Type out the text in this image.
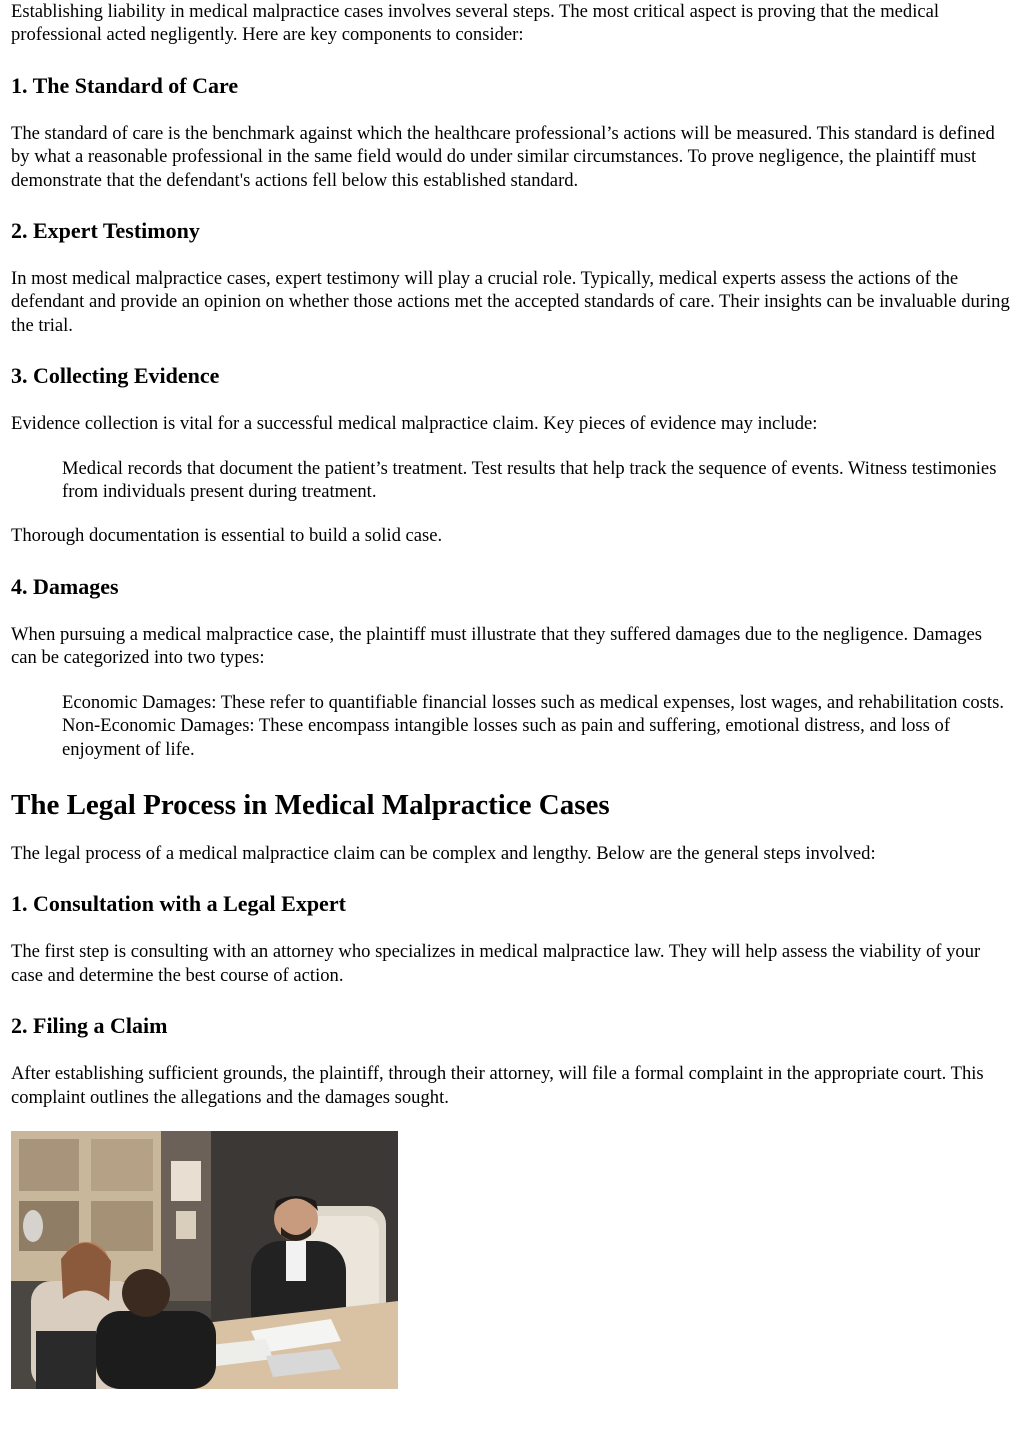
Establishing liability in medical malpractice cases involves several steps. The most critical aspect is proving that the medical professional acted negligently. Here are key components to consider:

1. The Standard of Care

The standard of care is the benchmark against which the healthcare professional’s actions will be measured. This standard is defined by what a reasonable professional in the same field would do under similar circumstances. To prove negligence, the plaintiff must demonstrate that the defendant's actions fell below this established standard.

2. Expert Testimony

In most medical malpractice cases, expert testimony will play a crucial role. Typically, medical experts assess the actions of the defendant and provide an opinion on whether those actions met the accepted standards of care. Their insights can be invaluable during the trial.

3. Collecting Evidence

Evidence collection is vital for a successful medical malpractice claim. Key pieces of evidence may include:

Medical records that document the patient’s treatment. Test results that help track the sequence of events. Witness testimonies from individuals present during treatment.

Thorough documentation is essential to build a solid case.

4. Damages

When pursuing a medical malpractice case, the plaintiff must illustrate that they suffered damages due to the negligence. Damages can be categorized into two types:

Economic Damages: These refer to quantifiable financial losses such as medical expenses, lost wages, and rehabilitation costs. Non-Economic Damages: These encompass intangible losses such as pain and suffering, emotional distress, and loss of enjoyment of life.
The Legal Process in Medical Malpractice Cases

The legal process of a medical malpractice claim can be complex and lengthy. Below are the general steps involved:

1. Consultation with a Legal Expert

The first step is consulting with an attorney who specializes in medical malpractice law. They will help assess the viability of your case and determine the best course of action.

2. Filing a Claim

After establishing sufficient grounds, the plaintiff, through their attorney, will file a formal complaint in the appropriate court. This complaint outlines the allegations and the damages sought.
